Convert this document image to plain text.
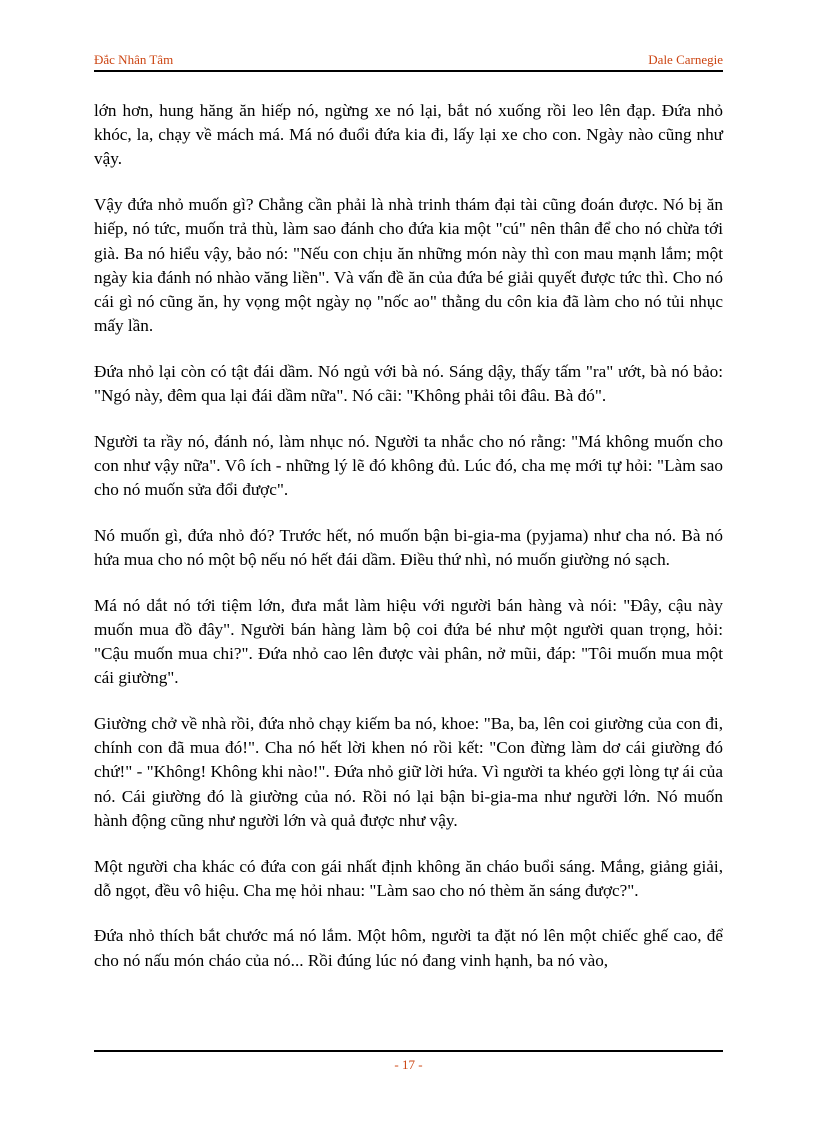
Đắc Nhân Tâm	Dale Carnegie

lớn hơn, hung hăng ăn hiếp nó, ngừng xe nó lại, bắt nó xuống rồi leo lên đạp. Đứa nhỏ khóc, la, chạy về mách má. Má nó đuổi đứa kia đi, lấy lại xe cho con. Ngày nào cũng như vậy.

Vậy đứa nhỏ muốn gì? Chẳng cần phải là nhà trinh thám đại tài cũng đoán được. Nó bị ăn hiếp, nó tức, muốn trả thù, làm sao đánh cho đứa kia một "cú" nên thân để cho nó chừa tới già. Ba nó hiểu vậy, bảo nó: "Nếu con chịu ăn những món này thì con mau mạnh lắm; một ngày kia đánh nó nhào văng liền". Và vấn đề ăn của đứa bé giải quyết được tức thì. Cho nó cái gì nó cũng ăn, hy vọng một ngày nọ "nốc ao" thằng du côn kia đã làm cho nó tủi nhục mấy lần.

Đứa nhỏ lại còn có tật đái dầm. Nó ngủ với bà nó. Sáng dậy, thấy tấm "ra" ướt, bà nó bảo: "Ngó này, đêm qua lại đái dầm nữa". Nó cãi: "Không phải tôi đâu. Bà đó".

Người ta rầy nó, đánh nó, làm nhục nó. Người ta nhắc cho nó rằng: "Má không muốn cho con như vậy nữa". Vô ích - những lý lẽ đó không đủ. Lúc đó, cha mẹ mới tự hỏi: "Làm sao cho nó muốn sửa đổi được".

Nó muốn gì, đứa nhỏ đó? Trước hết, nó muốn bận bi-gia-ma (pyjama) như cha nó. Bà nó hứa mua cho nó một bộ nếu nó hết đái dầm. Điều thứ nhì, nó muốn giường nó sạch.

Má nó dắt nó tới tiệm lớn, đưa mắt làm hiệu với người bán hàng và nói: "Đây, cậu này muốn mua đồ đây". Người bán hàng làm bộ coi đứa bé như một người quan trọng, hỏi: "Cậu muốn mua chi?". Đứa nhỏ cao lên được vài phân, nở mũi, đáp: "Tôi muốn mua một cái giường".

Giường chở về nhà rồi, đứa nhỏ chạy kiếm ba nó, khoe: "Ba, ba, lên coi giường của con đi, chính con đã mua đó!". Cha nó hết lời khen nó rồi kết: "Con đừng làm dơ cái giường đó chứ!" - "Không! Không khi nào!". Đứa nhỏ giữ lời hứa. Vì người ta khéo gợi lòng tự ái của nó. Cái giường đó là giường của nó. Rồi nó lại bận bi-gia-ma như người lớn. Nó muốn hành động cũng như người lớn và quả được như vậy.

Một người cha khác có đứa con gái nhất định không ăn cháo buổi sáng. Mắng, giảng giải, dỗ ngọt, đều vô hiệu. Cha mẹ hỏi nhau: "Làm sao cho nó thèm ăn sáng được?".

Đứa nhỏ thích bắt chước má nó lắm. Một hôm, người ta đặt nó lên một chiếc ghế cao, để cho nó nấu món cháo của nó... Rồi đúng lúc nó đang vinh hạnh, ba nó vào,

- 17 -
